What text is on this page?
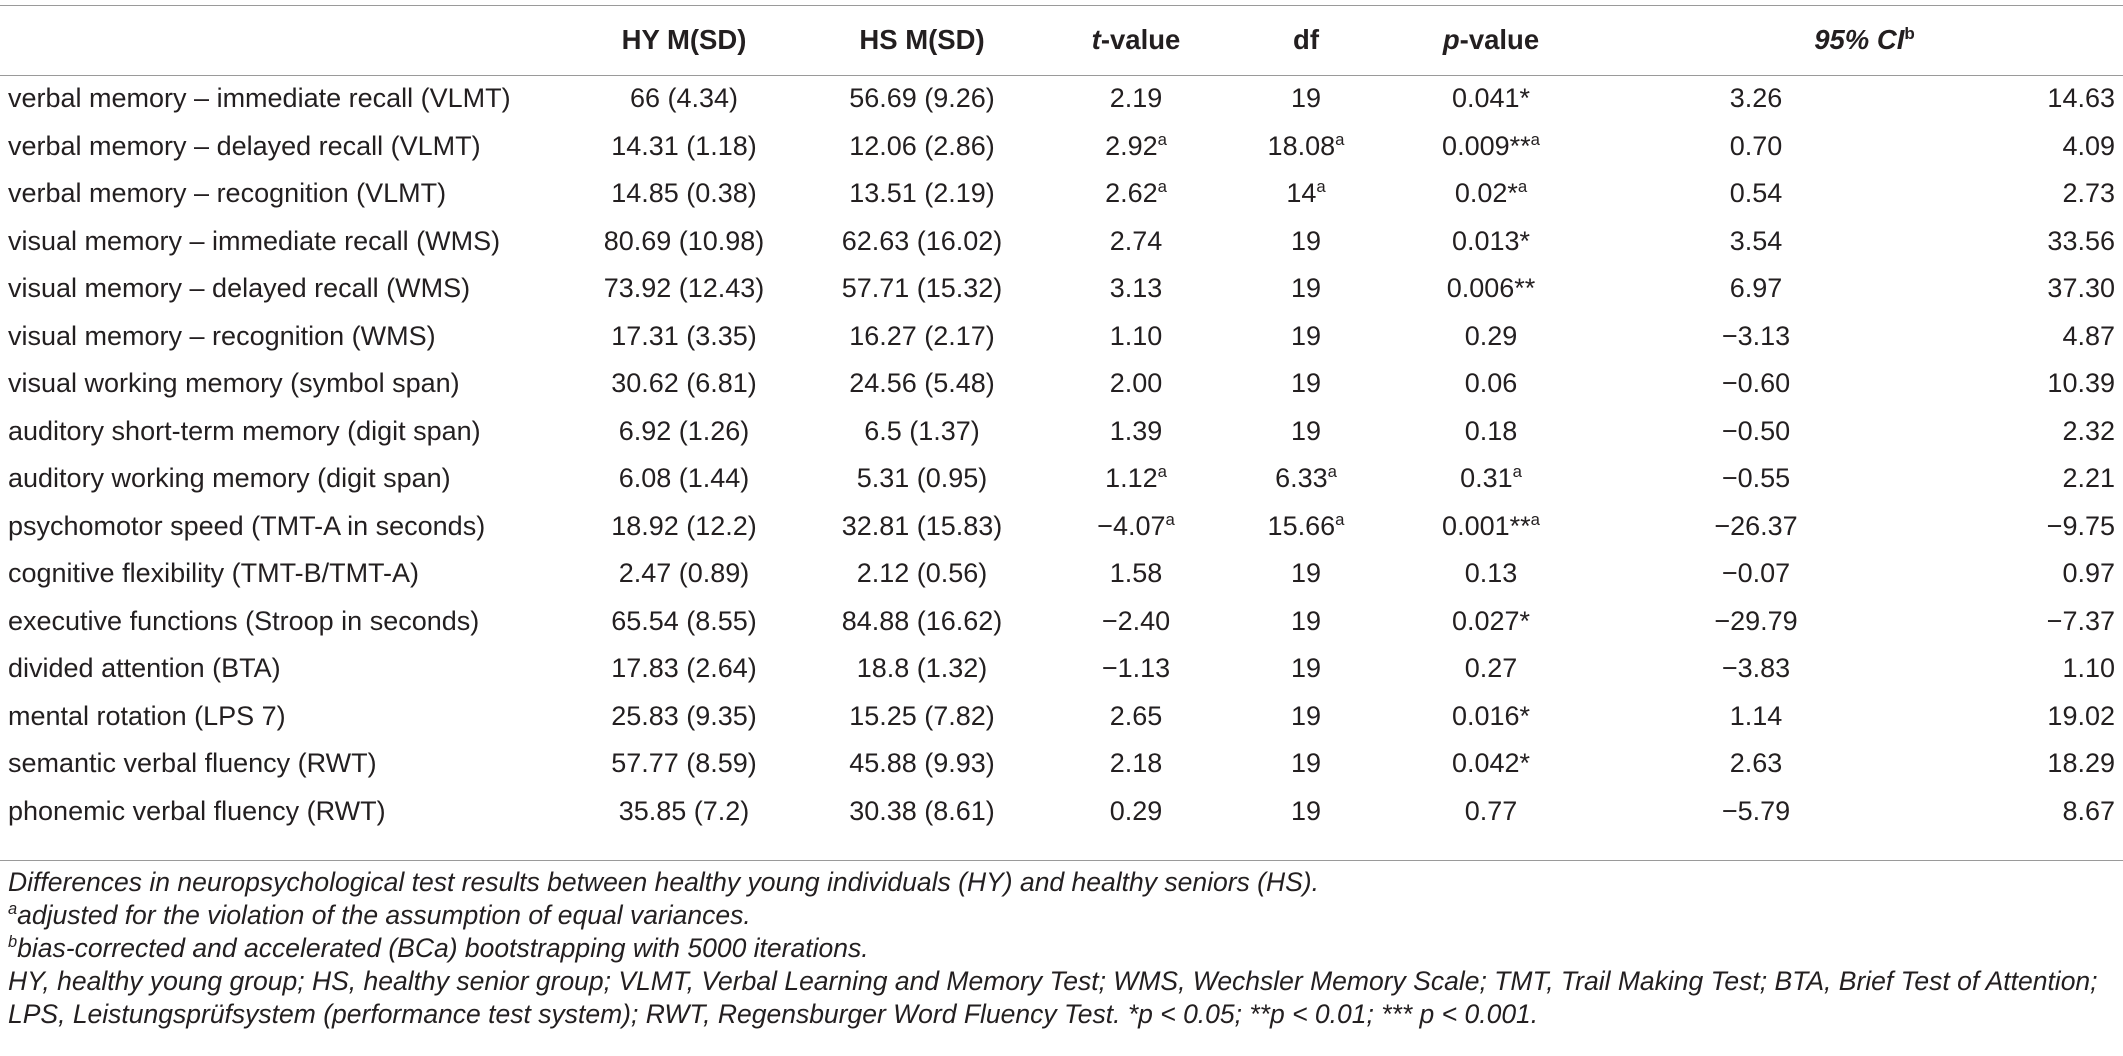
	HY M(SD)	HS M(SD)	t-value	df	p-value	95% $CI^b$
verbal memory – immediate recall (VLMT)	66 (4.34)	56.69 (9.26)	2.19	19	0.041*	3.26	14.63
verbal memory – delayed recall (VLMT)	14.31 (1.18)	12.06 (2.86)	2.92$^a$	18.08$^a$	0.009**$^a$	0.70	4.09
verbal memory – recognition (VLMT)	14.85 (0.38)	13.51 (2.19)	2.62$^a$	14$^a$	0.02*$^a$	0.54	2.73
visual memory – immediate recall (WMS)	80.69 (10.98)	62.63 (16.02)	2.74	19	0.013*	3.54	33.56
visual memory – delayed recall (WMS)	73.92 (12.43)	57.71 (15.32)	3.13	19	0.006**	6.97	37.30
visual memory – recognition (WMS)	17.31 (3.35)	16.27 (2.17)	1.10	19	0.29	−3.13	4.87
visual working memory (symbol span)	30.62 (6.81)	24.56 (5.48)	2.00	19	0.06	−0.60	10.39
auditory short-term memory (digit span)	6.92 (1.26)	6.5 (1.37)	1.39	19	0.18	−0.50	2.32
auditory working memory (digit span)	6.08 (1.44)	5.31 (0.95)	1.12$^a$	6.33$^a$	0.31$^a$	−0.55	2.21
psychomotor speed (TMT-A in seconds)	18.92 (12.2)	32.81 (15.83)	−4.07$^a$	15.66$^a$	0.001**$^a$	−26.37	−9.75
cognitive flexibility (TMT-B/TMT-A)	2.47 (0.89)	2.12 (0.56)	1.58	19	0.13	−0.07	0.97
executive functions (Stroop in seconds)	65.54 (8.55)	84.88 (16.62)	−2.40	19	0.027*	−29.79	−7.37
divided attention (BTA)	17.83 (2.64)	18.8 (1.32)	−1.13	19	0.27	−3.83	1.10
mental rotation (LPS 7)	25.83 (9.35)	15.25 (7.82)	2.65	19	0.016*	1.14	19.02
semantic verbal fluency (RWT)	57.77 (8.59)	45.88 (9.93)	2.18	19	0.042*	2.63	18.29
phonemic verbal fluency (RWT)	35.85 (7.2)	30.38 (8.61)	0.29	19	0.77	−5.79	8.67

Differences in neuropsychological test results between healthy young individuals (HY) and healthy seniors (HS).

$^a$adjusted for the violation of the assumption of equal variances.

$^b$bias-corrected and accelerated (BCa) bootstrapping with 5000 iterations.

HY, healthy young group; HS, healthy senior group; VLMT, Verbal Learning and Memory Test; WMS, Wechsler Memory Scale; TMT, Trail Making Test; BTA, Brief Test of Attention; LPS, Leistungsprüfsystem (performance test system); RWT, Regensburger Word Fluency Test. *p < 0.05; **p < 0.01; *** p < 0.001.
